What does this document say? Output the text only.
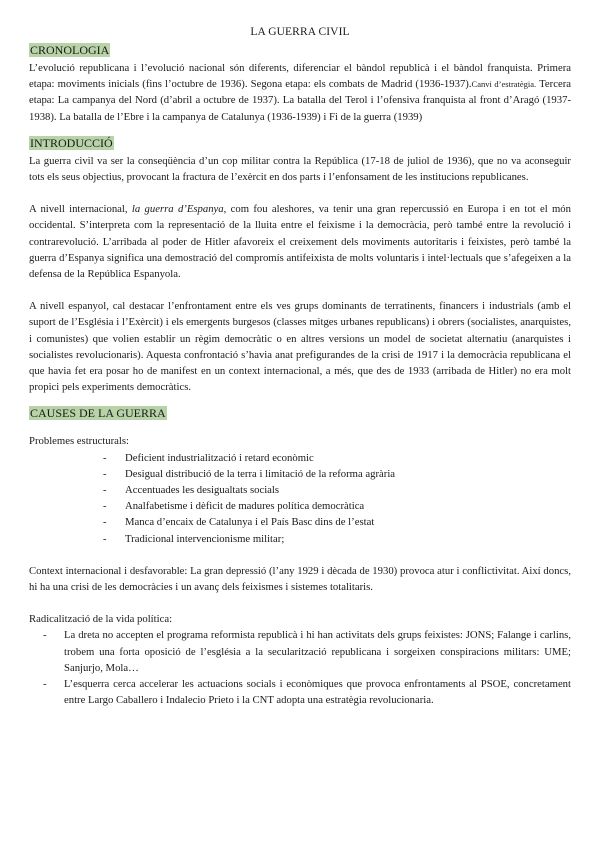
LA GUERRA CIVIL
CRONOLOGIA

L’evolució republicana i l’evolució nacional són diferents, diferenciar el bàndol republicà i el bàndol franquista. Primera etapa: moviments inicials (fins l’octubre de 1936). Segona etapa: els combats de Madrid (1936-1937).Canvi d’estratègia. Tercera etapa: La campanya del Nord (d’abril a octubre de 1937). La batalla del Terol i l’ofensiva franquista al front d’Aragó (1937-1938). La batalla de l’Ebre i la campanya de Catalunya (1936-1939) i Fi de la guerra (1939)

INTRODUCCIÓ

La guerra civil va ser la conseqüència d’un cop militar contra la República (17-18 de juliol de 1936), que no va aconseguir tots els seus objectius, provocant la fractura de l’exèrcit en dos parts i l’enfonsament de les institucions republicanes.

A nivell internacional, la guerra d’Espanya, com fou aleshores, va tenir una gran repercussió en Europa i en tot el món occidental. S’interpreta com la representació de la lluita entre el feixisme i la democràcia, però també entre la revolució i contrarevolució. L’arribada al poder de Hitler afavoreix el creixement dels moviments autoritaris i feixistes, però també la guerra d’Espanya significa una demostració del compromís antifeixista de molts voluntaris i intel·lectuals que s’afegeixen a la defensa de la República Espanyola.

A nivell espanyol, cal destacar l’enfrontament entre els ves grups dominants de terratinents, financers i industrials (amb el suport de l’Església i l’Exèrcit) i els emergents burgesos (classes mitges urbanes republicans) i obrers (socialistes, anarquistes, i comunistes) que volien establir un règim democràtic o en altres versions un model de societat alternatiu (anarquistes i socialistes revolucionaris). Aquesta confrontació s’havia anat prefigurandes de la crisi de 1917 i la democràcia republicana el que havia fet era posar ho de manifest en un context internacional, a més, que des de 1933 (arribada de Hitler) no era molt propici pels experiments democràtics.

CAUSES DE LA GUERRA

Problemes estructurals:

- Deficient industrialització i retard econòmic
- Desigual distribució de la terra i limitació de la reforma agrària
- Accentuades les desigualtats socials
- Analfabetisme i dèficit de madures política democràtica
- Manca d’encaix de Catalunya i el País Basc dins de l’estat
- Tradicional intervencionisme militar;

Context internacional i desfavorable: La gran depressió (l’any 1929 i dècada de 1930) provoca atur i conflictivitat. Així doncs, hi ha una crisi de les democràcies i un avanç dels feixismes i sistemes totalitaris.

Radicalització de la vida política:

- La dreta no accepten el programa reformista republicà i hi han activitats dels grups feixistes: JONS; Falange i carlins, trobem una forta oposició de l’església a la secularització republicana i sorgeixen conspiracions militars: UME; Sanjurjo, Mola…
- L’esquerra cerca accelerar les actuacions socials i econòmiques que provoca enfrontaments al PSOE, concretament entre Largo Caballero i Indalecio Prieto i la CNT adopta una estratègia revolucionaria.
